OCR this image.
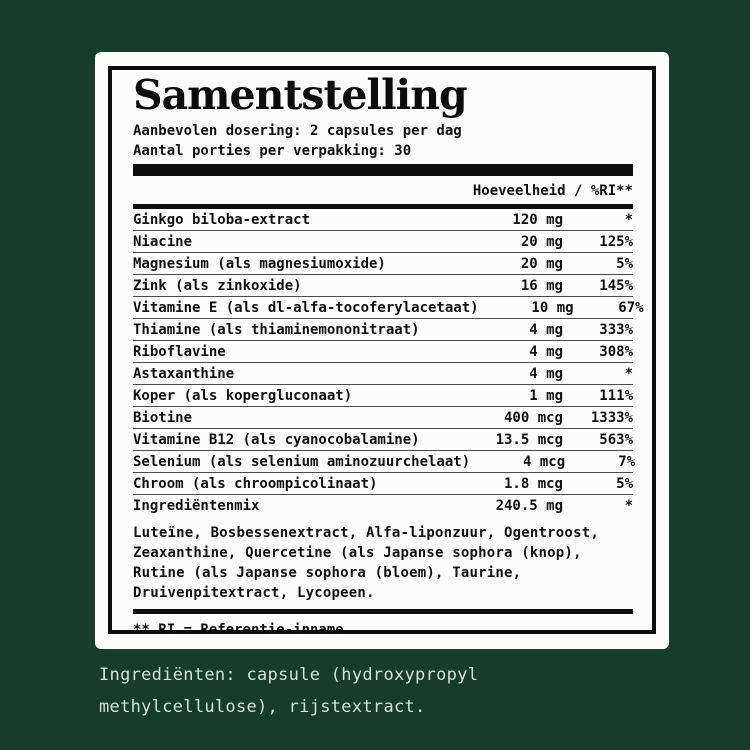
Samentstelling
Aanbevolen dosering: 2 capsules per dag
Aantal porties per verpakking: 30
Hoeveelheid / %RI**
Ginkgo biloba-extract	120 mg	*
Niacine	20 mg	125%
Magnesium (als magnesiumoxide)	20 mg	5%
Zink (als zinkoxide)	16 mg	145%
Vitamine E (als dl-alfa-tocoferylacetaat)	10 mg	67%
Thiamine (als thiaminemononitraat)	4 mg	333%
Riboflavine	4 mg	308%
Astaxanthine	4 mg	*
Koper (als kopergluconaat)	1 mg	111%
Biotine	400 mcg	1333%
Vitamine B12 (als cyanocobalamine)	13.5 mcg	563%
Selenium (als selenium aminozuurchelaat)	4 mcg	7%
Chroom (als chroompicolinaat)	1.8 mcg	5%
Ingrediëntenmix	240.5 mg	*
Luteïne, Bosbessenextract, Alfa-liponzuur, Ogentroost, Zeaxanthine, Quercetine (als Japanse sophora (knop), Rutine (als Japanse sophora (bloem), Taurine, Druivenpitextract, Lycopeen.
** RI = Referentie-inname
Ingrediënten: capsule (hydroxypropyl methylcellulose), rijstextract.
